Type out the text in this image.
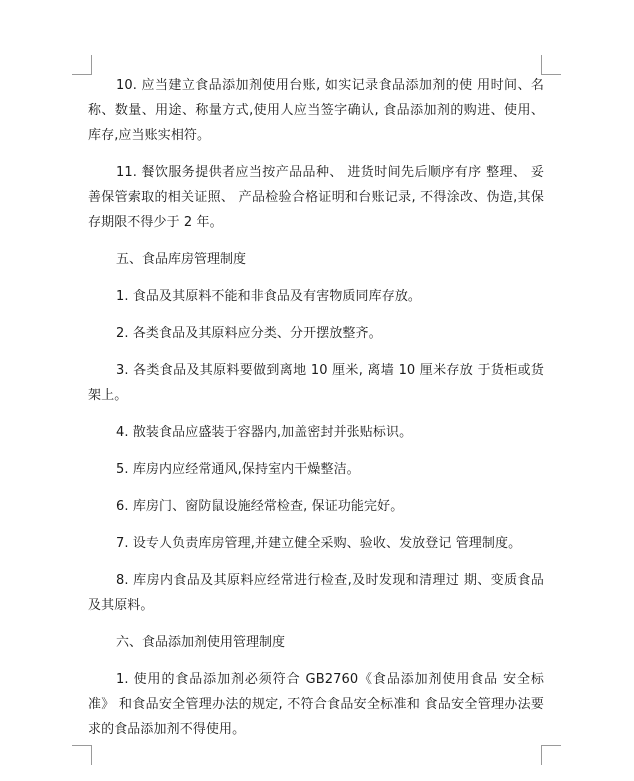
10. 应当建立食品添加剂使用台账, 如实记录食品添加剂的使 用时间、名称、数量、用途、称量方式,使用人应当签字确认, 食品添加剂的购进、使用、库存,应当账实相符。

11. 餐饮服务提供者应当按产品品种、 进货时间先后顺序有序 整理、 妥善保管索取的相关证照、 产品检验合格证明和台账记录, 不得涂改、伪造,其保存期限不得少于 2 年。

五、食品库房管理制度

1. 食品及其原料不能和非食品及有害物质同库存放。

2. 各类食品及其原料应分类、分开摆放整齐。

3. 各类食品及其原料要做到离地 10 厘米, 离墙 10 厘米存放 于货柜或货架上。

4. 散装食品应盛装于容器内,加盖密封并张贴标识。

5. 库房内应经常通风,保持室内干燥整洁。

6. 库房门、窗防鼠设施经常检查, 保证功能完好。

7. 设专人负责库房管理,并建立健全采购、验收、发放登记 管理制度。

8. 库房内食品及其原料应经常进行检查,及时发现和清理过 期、变质食品及其原料。

六、食品添加剂使用管理制度

1. 使用的食品添加剂必须符合 GB2760《食品添加剂使用食品 安全标准》 和食品安全管理办法的规定, 不符合食品安全标准和 食品安全管理办法要求的食品添加剂不得使用。
